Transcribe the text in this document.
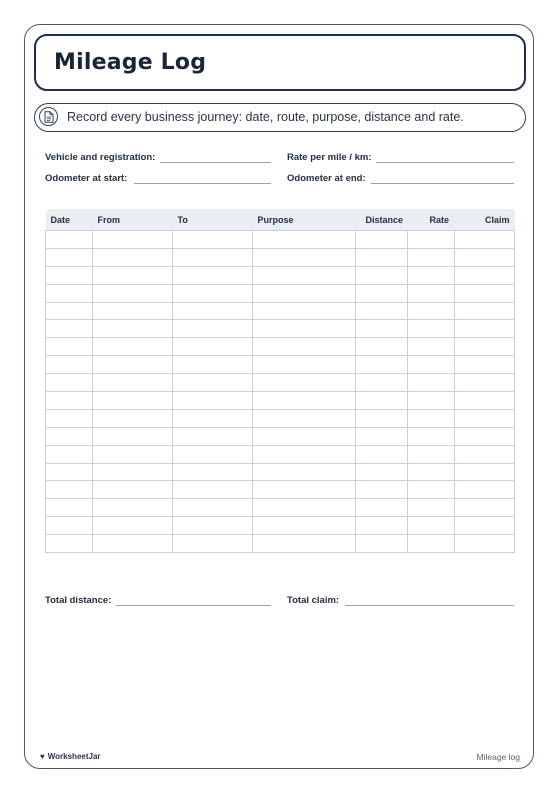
Mileage Log
Record every business journey: date, route, purpose, distance and rate.
Vehicle and registration:	Rate per mile / km:
Odometer at start:	Odometer at end:
Date	From	To	Purpose	Distance	Rate	Claim

Total distance:	Total claim:
♥ WorksheetJar	Mileage log
